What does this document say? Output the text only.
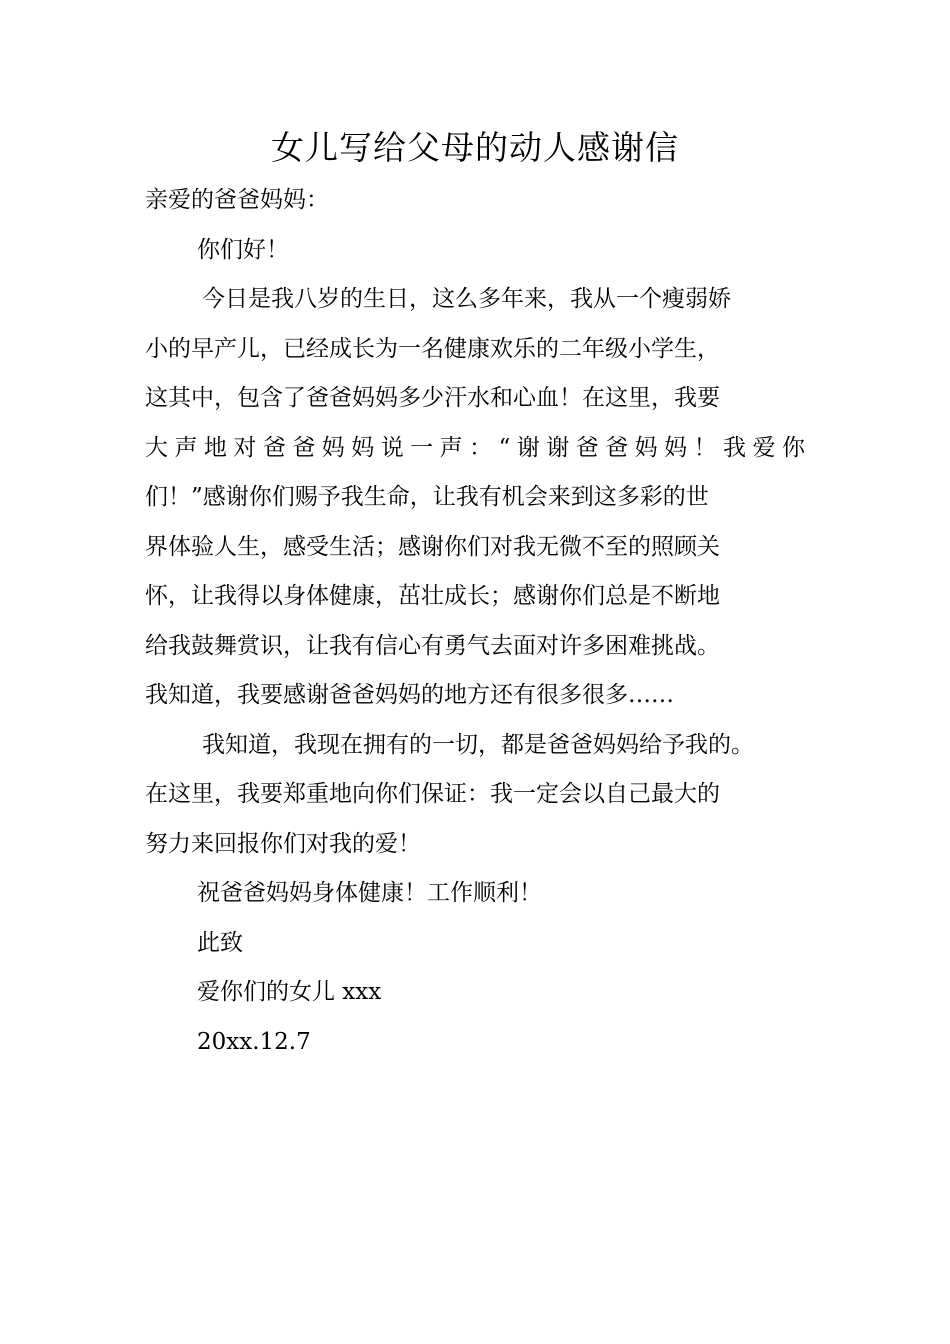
女儿写给父母的动人感谢信
亲爱的爸爸妈妈：
你们好！
今日是我八岁的生日，这么多年来，我从一个瘦弱娇
小的早产儿，已经成长为一名健康欢乐的二年级小学生，
这其中，包含了爸爸妈妈多少汗水和心血！在这里，我要
大声地对爸爸妈妈说一声：“谢谢爸爸妈妈！我爱你
们！”感谢你们赐予我生命，让我有机会来到这多彩的世
界体验人生，感受生活；感谢你们对我无微不至的照顾关
怀，让我得以身体健康，茁壮成长；感谢你们总是不断地
给我鼓舞赏识，让我有信心有勇气去面对许多困难挑战。
我知道，我要感谢爸爸妈妈的地方还有很多很多……
我知道，我现在拥有的一切，都是爸爸妈妈给予我的。
在这里，我要郑重地向你们保证：我一定会以自己最大的
努力来回报你们对我的爱！
祝爸爸妈妈身体健康！工作顺利！
此致
爱你们的女儿 xxx
20xx.12.7
